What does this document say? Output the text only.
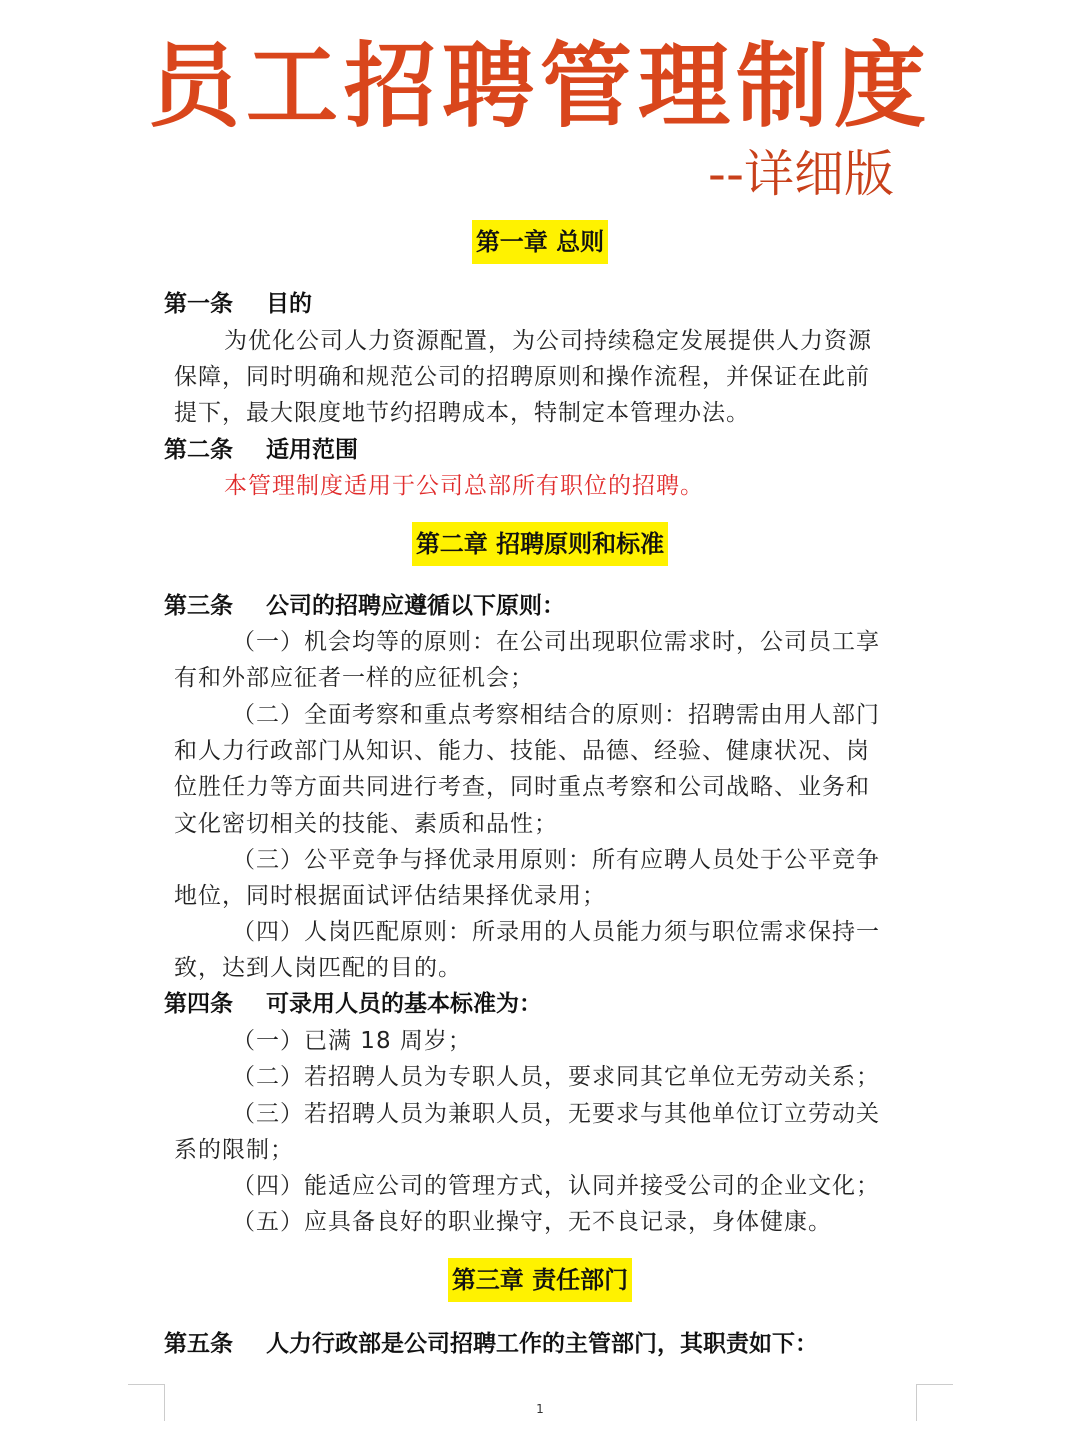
员工招聘管理制度
--详细版
第一章 总则
第一条 目的
为优化公司人力资源配置，为公司持续稳定发展提供人力资源
保障，同时明确和规范公司的招聘原则和操作流程，并保证在此前
提下，最大限度地节约招聘成本，特制定本管理办法。
第二条 适用范围
本管理制度适用于公司总部所有职位的招聘。
第二章 招聘原则和标准
第三条 公司的招聘应遵循以下原则：
（一）机会均等的原则：在公司出现职位需求时，公司员工享
有和外部应征者一样的应征机会；
（二）全面考察和重点考察相结合的原则：招聘需由用人部门
和人力行政部门从知识、能力、技能、品德、经验、健康状况、岗
位胜任力等方面共同进行考查，同时重点考察和公司战略、业务和
文化密切相关的技能、素质和品性；
（三）公平竞争与择优录用原则：所有应聘人员处于公平竞争
地位，同时根据面试评估结果择优录用；
（四）人岗匹配原则：所录用的人员能力须与职位需求保持一
致，达到人岗匹配的目的。
第四条 可录用人员的基本标准为：
（一）已满 18 周岁；
（二）若招聘人员为专职人员，要求同其它单位无劳动关系；
（三）若招聘人员为兼职人员，无要求与其他单位订立劳动关
系的限制；
（四）能适应公司的管理方式，认同并接受公司的企业文化；
（五）应具备良好的职业操守，无不良记录，身体健康。
第三章 责任部门
第五条 人力行政部是公司招聘工作的主管部门，其职责如下：
1
